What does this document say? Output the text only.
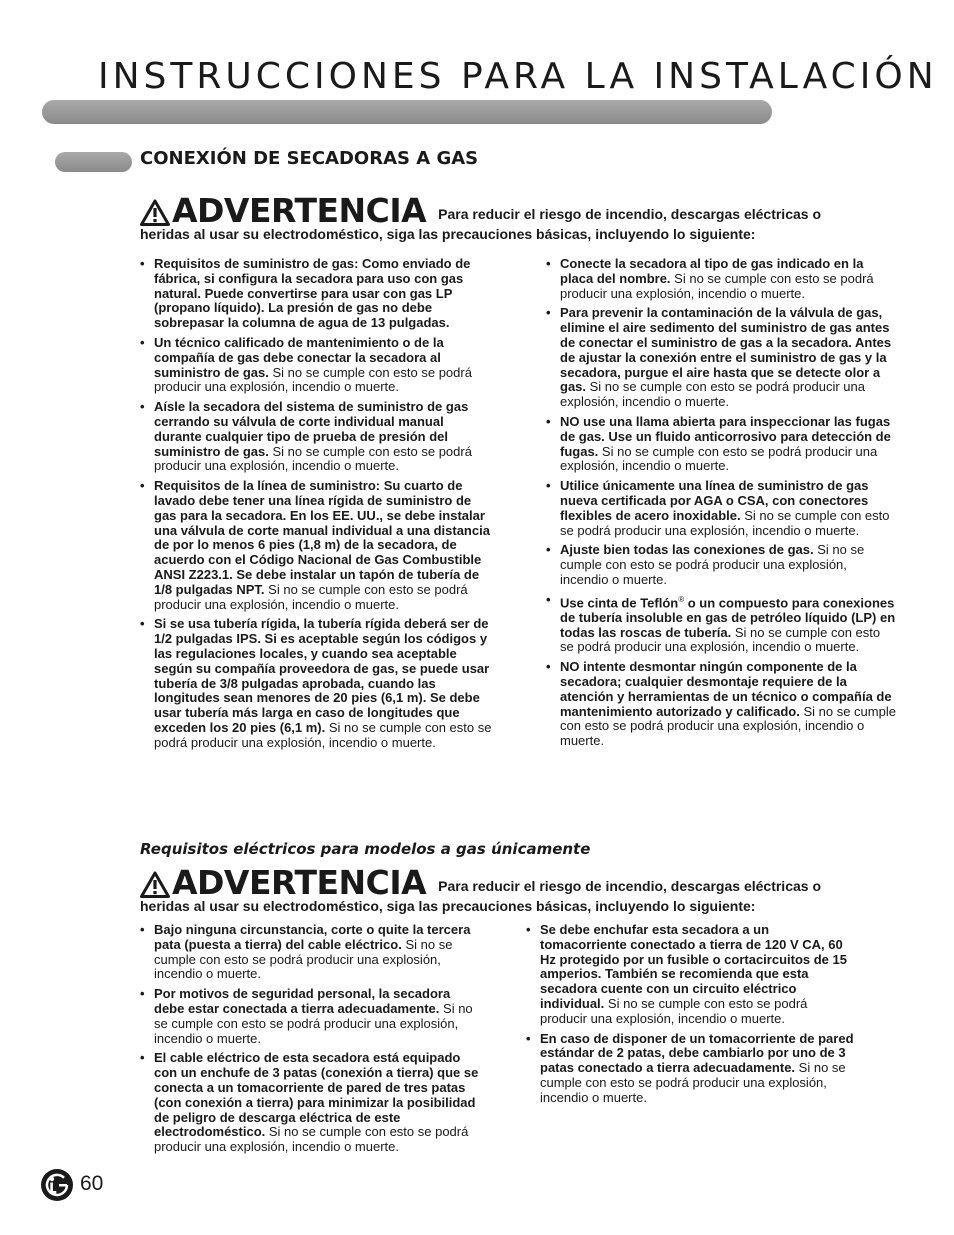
INSTRUCCIONES PARA LA INSTALACIÓN
CONEXIÓN DE SECADORAS A GAS
ADVERTENCIA Para reducir el riesgo de incendio, descargas eléctricas o
heridas al usar su electrodoméstico, siga las precauciones básicas, incluyendo lo siguiente:
• Requisitos de suministro de gas: Como enviado de fábrica, si configura la secadora para uso con gas natural. Puede convertirse para usar con gas LP (propano líquido). La presión de gas no debe sobrepasar la columna de agua de 13 pulgadas.
• Un técnico calificado de mantenimiento o de la compañía de gas debe conectar la secadora al suministro de gas. Si no se cumple con esto se podrá producir una explosión, incendio o muerte.
• Aísle la secadora del sistema de suministro de gas cerrando su válvula de corte individual manual durante cualquier tipo de prueba de presión del suministro de gas. Si no se cumple con esto se podrá producir una explosión, incendio o muerte.
• Requisitos de la línea de suministro: Su cuarto de lavado debe tener una línea rígida de suministro de gas para la secadora. En los EE. UU., se debe instalar una válvula de corte manual individual a una distancia de por lo menos 6 pies (1,8 m) de la secadora, de acuerdo con el Código Nacional de Gas Combustible ANSI Z223.1. Se debe instalar un tapón de tubería de 1/8 pulgadas NPT. Si no se cumple con esto se podrá producir una explosión, incendio o muerte.
• Si se usa tubería rígida, la tubería rígida deberá ser de 1/2 pulgadas IPS. Si es aceptable según los códigos y las regulaciones locales, y cuando sea aceptable según su compañía proveedora de gas, se puede usar tubería de 3/8 pulgadas aprobada, cuando las longitudes sean menores de 20 pies (6,1 m). Se debe usar tubería más larga en caso de longitudes que exceden los 20 pies (6,1 m). Si no se cumple con esto se podrá producir una explosión, incendio o muerte.
• Conecte la secadora al tipo de gas indicado en la placa del nombre. Si no se cumple con esto se podrá producir una explosión, incendio o muerte.
• Para prevenir la contaminación de la válvula de gas, elimine el aire sedimento del suministro de gas antes de conectar el suministro de gas a la secadora. Antes de ajustar la conexión entre el suministro de gas y la secadora, purgue el aire hasta que se detecte olor a gas. Si no se cumple con esto se podrá producir una explosión, incendio o muerte.
• NO use una llama abierta para inspeccionar las fugas de gas. Use un fluido anticorrosivo para detección de fugas. Si no se cumple con esto se podrá producir una explosión, incendio o muerte.
• Utilice únicamente una línea de suministro de gas nueva certificada por AGA o CSA, con conectores flexibles de acero inoxidable. Si no se cumple con esto se podrá producir una explosión, incendio o muerte.
• Ajuste bien todas las conexiones de gas. Si no se cumple con esto se podrá producir una explosión, incendio o muerte.
• Use cinta de Teflón® o un compuesto para conexiones de tubería insoluble en gas de petróleo líquido (LP) en todas las roscas de tubería. Si no se cumple con esto se podrá producir una explosión, incendio o muerte.
• NO intente desmontar ningún componente de la secadora; cualquier desmontaje requiere de la atención y herramientas de un técnico o compañía de mantenimiento autorizado y calificado. Si no se cumple con esto se podrá producir una explosión, incendio o muerte.
Requisitos eléctricos para modelos a gas únicamente
ADVERTENCIA Para reducir el riesgo de incendio, descargas eléctricas o
heridas al usar su electrodoméstico, siga las precauciones básicas, incluyendo lo siguiente:
• Bajo ninguna circunstancia, corte o quite la tercera pata (puesta a tierra) del cable eléctrico. Si no se cumple con esto se podrá producir una explosión, incendio o muerte.
• Por motivos de seguridad personal, la secadora debe estar conectada a tierra adecuadamente. Si no se cumple con esto se podrá producir una explosión, incendio o muerte.
• El cable eléctrico de esta secadora está equipado con un enchufe de 3 patas (conexión a tierra) que se conecta a un tomacorriente de pared de tres patas (con conexión a tierra) para minimizar la posibilidad de peligro de descarga eléctrica de este electrodoméstico. Si no se cumple con esto se podrá producir una explosión, incendio o muerte.
• Se debe enchufar esta secadora a un tomacorriente conectado a tierra de 120 V CA, 60 Hz protegido por un fusible o cortacircuitos de 15 amperios. También se recomienda que esta secadora cuente con un circuito eléctrico individual. Si no se cumple con esto se podrá producir una explosión, incendio o muerte.
• En caso de disponer de un tomacorriente de pared estándar de 2 patas, debe cambiarlo por uno de 3 patas conectado a tierra adecuadamente. Si no se cumple con esto se podrá producir una explosión, incendio o muerte.
60
